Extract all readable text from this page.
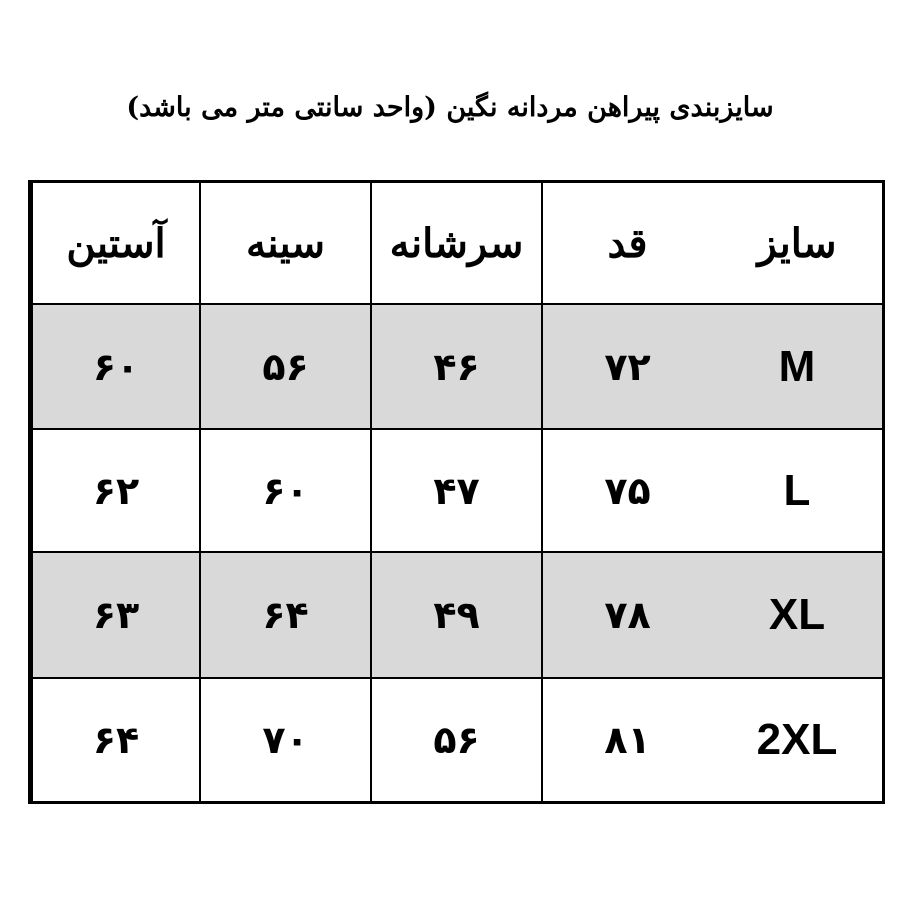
سایزبندی پیراهن مردانه نگین (واحد سانتی متر می باشد)
سایز
قد
سرشانه
سینه
آستین
M
۷۲
۴۶
۵۶
۶۰
L
۷۵
۴۷
۶۰
۶۲
XL
۷۸
۴۹
۶۴
۶۳
2XL
۸۱
۵۶
۷۰
۶۴
